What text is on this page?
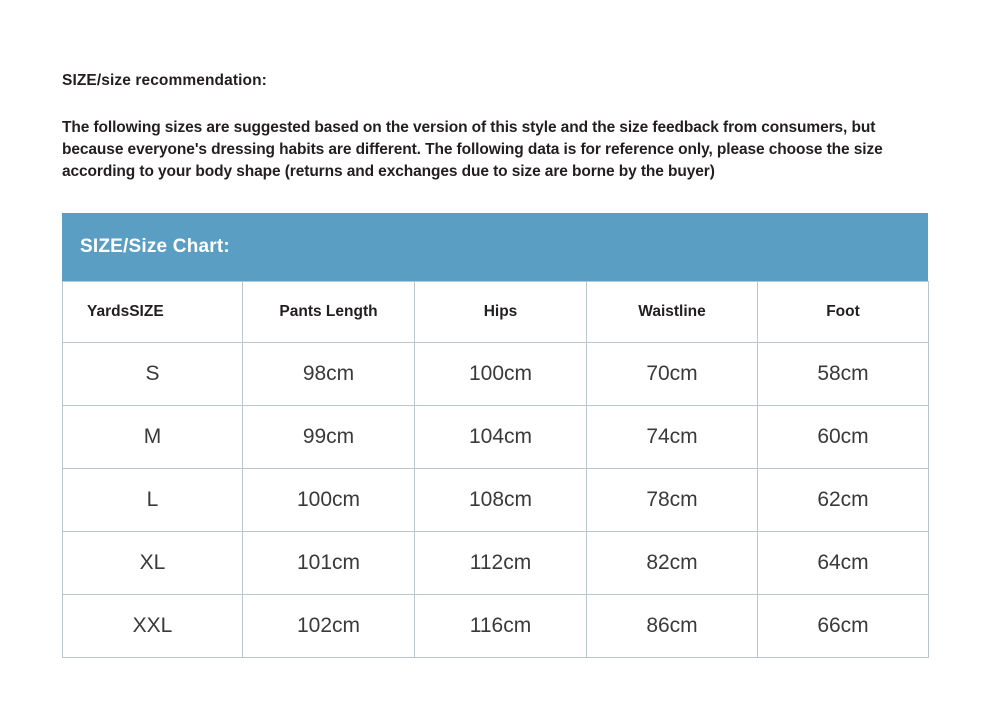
SIZE/size recommendation:

The following sizes are suggested based on the version of this style and the size feedback from consumers, but because everyone's dressing habits are different. The following data is for reference only, please choose the size according to your body shape (returns and exchanges due to size are borne by the buyer)

SIZE/Size Chart:
YardsSIZE	Pants Length	Hips	Waistline	Foot
S	98cm	100cm	70cm	58cm
M	99cm	104cm	74cm	60cm
L	100cm	108cm	78cm	62cm
XL	101cm	112cm	82cm	64cm
XXL	102cm	116cm	86cm	66cm
